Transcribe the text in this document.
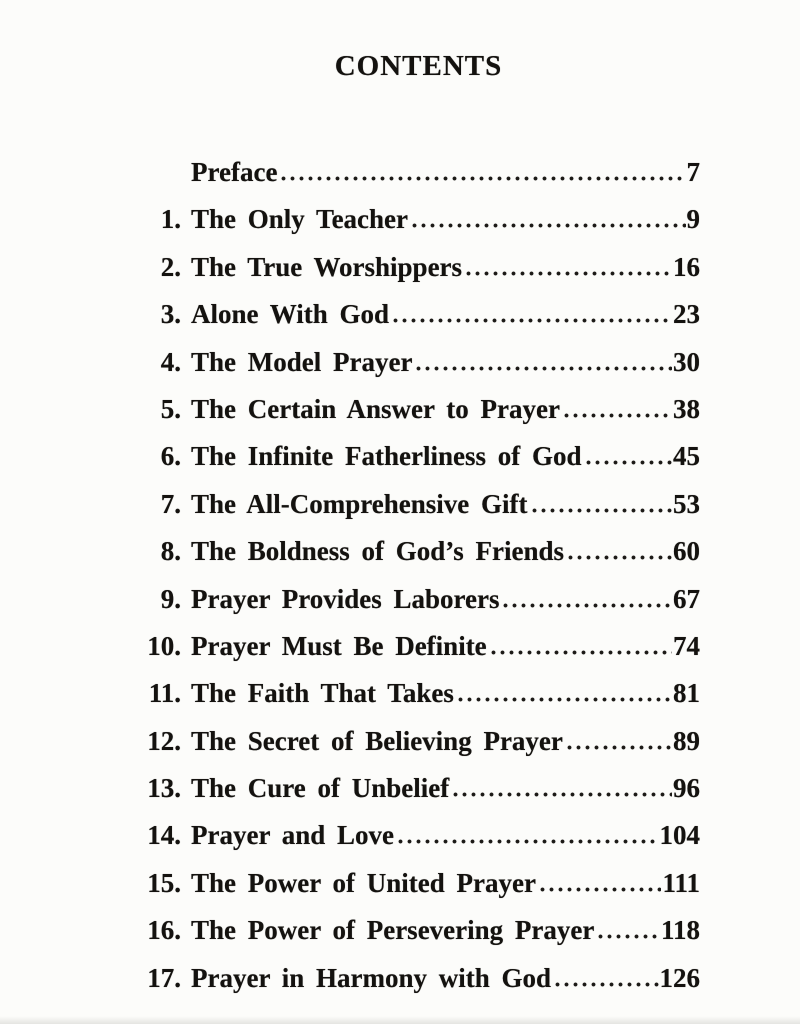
CONTENTS
Preface	7
1. The Only Teacher	9
2. The True Worshippers	16
3. Alone With God	23
4. The Model Prayer	30
5. The Certain Answer to Prayer	38
6. The Infinite Fatherliness of God	45
7. The All-Comprehensive Gift	53
8. The Boldness of God’s Friends	60
9. Prayer Provides Laborers	67
10. Prayer Must Be Definite	74
11. The Faith That Takes	81
12. The Secret of Believing Prayer	89
13. The Cure of Unbelief	96
14. Prayer and Love	104
15. The Power of United Prayer	111
16. The Power of Persevering Prayer 118
17. Prayer in Harmony with God	126
